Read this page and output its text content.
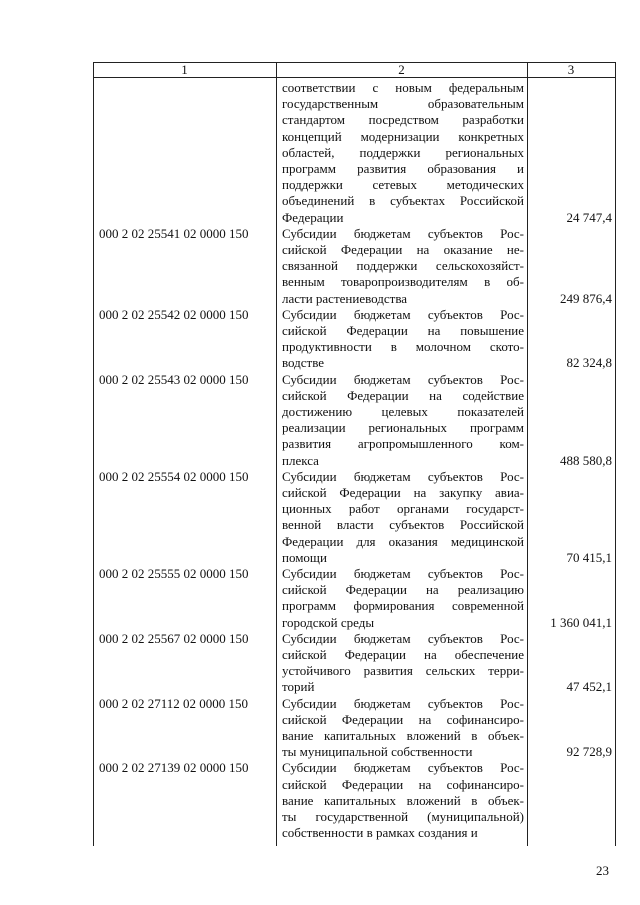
1	2	3
соответствии с новым федеральным
государственным образовательным
стандартом посредством разработки
концепций модернизации конкретных
областей, поддержки региональных
программ развития образования и
поддержки сетевых методических
объединений в субъектах Российской
Федерации	24 747,4
000 2 02 25541 02 0000 150	Субсидии бюджетам субъектов Рос-
сийской Федерации на оказание не-
связанной поддержки сельскохозяйст-
венным товаропроизводителям в об-
ласти растениеводства	249 876,4
000 2 02 25542 02 0000 150	Субсидии бюджетам субъектов Рос-
сийской Федерации на повышение
продуктивности в молочном ското-
водстве	82 324,8
000 2 02 25543 02 0000 150	Субсидии бюджетам субъектов Рос-
сийской Федерации на содействие
достижению целевых показателей
реализации региональных программ
развития агропромышленного ком-
плекса	488 580,8
000 2 02 25554 02 0000 150	Субсидии бюджетам субъектов Рос-
сийской Федерации на закупку авиа-
ционных работ органами государст-
венной власти субъектов Российской
Федерации для оказания медицинской
помощи	70 415,1
000 2 02 25555 02 0000 150	Субсидии бюджетам субъектов Рос-
сийской Федерации на реализацию
программ формирования современной
городской среды	1 360 041,1
000 2 02 25567 02 0000 150	Субсидии бюджетам субъектов Рос-
сийской Федерации на обеспечение
устойчивого развития сельских терри-
торий	47 452,1
000 2 02 27112 02 0000 150	Субсидии бюджетам субъектов Рос-
сийской Федерации на софинансиро-
вание капитальных вложений в объек-
ты муниципальной собственности	92 728,9
000 2 02 27139 02 0000 150	Субсидии бюджетам субъектов Рос-
сийской Федерации на софинансиро-
вание капитальных вложений в объек-
ты государственной (муниципальной)
собственности в рамках создания и
23
